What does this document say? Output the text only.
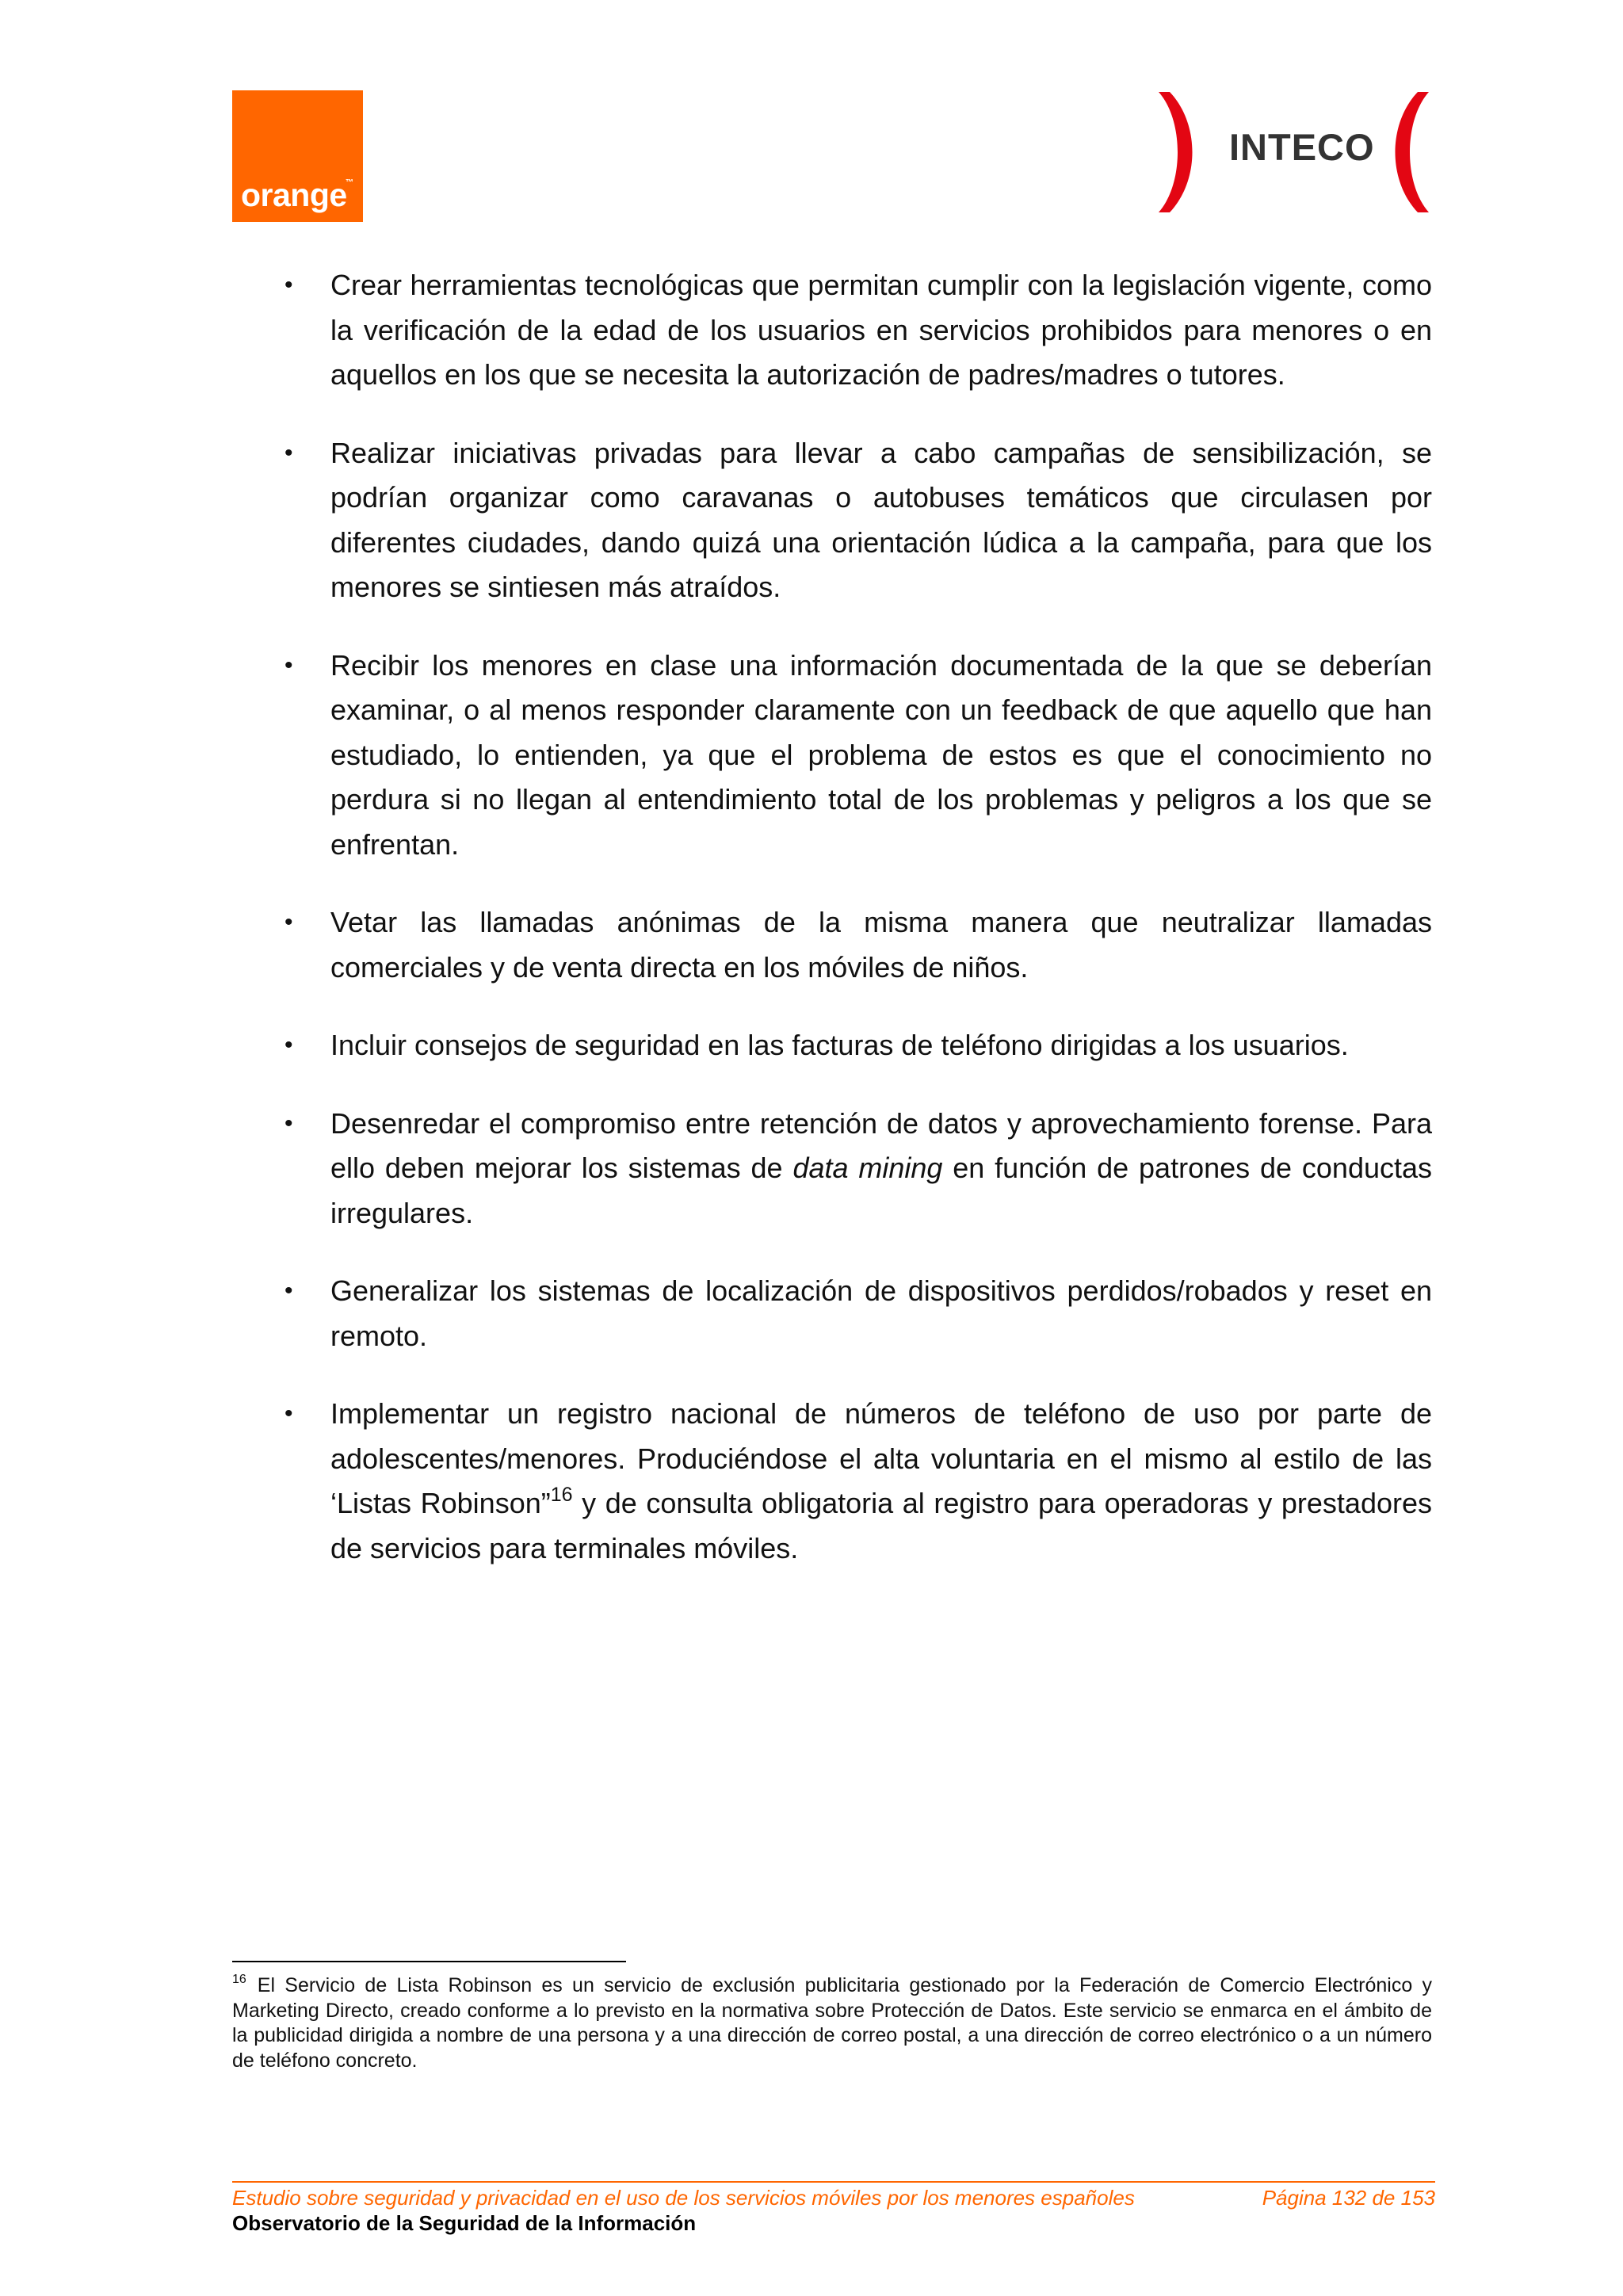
orange
™
INTECO
• Crear herramientas tecnológicas que permitan cumplir con la legislación vigente, como la verificación de la edad de los usuarios en servicios prohibidos para menores o en aquellos en los que se necesita la autorización de padres/madres o tutores.
• Realizar iniciativas privadas para llevar a cabo campañas de sensibilización, se podrían organizar como caravanas o autobuses temáticos que circulasen por diferentes ciudades, dando quizá una orientación lúdica a la campaña, para que los menores se sintiesen más atraídos.
• Recibir los menores en clase una información documentada de la que se deberían examinar, o al menos responder claramente con un feedback de que aquello que han estudiado, lo entienden, ya que el problema de estos es que el conocimiento no perdura si no llegan al entendimiento total de los problemas y peligros a los que se enfrentan.
• Vetar las llamadas anónimas de la misma manera que neutralizar llamadas comerciales y de venta directa en los móviles de niños.
• Incluir consejos de seguridad en las facturas de teléfono dirigidas a los usuarios.
• Desenredar el compromiso entre retención de datos y aprovechamiento forense. Para ello deben mejorar los sistemas de data mining en función de patrones de conductas irregulares.
• Generalizar los sistemas de localización de dispositivos perdidos/robados y reset en remoto.
• Implementar un registro nacional de números de teléfono de uso por parte de adolescentes/menores. Produciéndose el alta voluntaria en el mismo al estilo de las ‘Listas Robinson”$^{16}$ y de consulta obligatoria al registro para operadoras y prestadores de servicios para terminales móviles.

$^{16}$ El Servicio de Lista Robinson es un servicio de exclusión publicitaria gestionado por la Federación de Comercio Electrónico y Marketing Directo, creado conforme a lo previsto en la normativa sobre Protección de Datos. Este servicio se enmarca en el ámbito de la publicidad dirigida a nombre de una persona y a una dirección de correo postal, a una dirección de correo electrónico o a un número de teléfono concreto.

Estudio sobre seguridad y privacidad en el uso de los servicios móviles por los menores españoles	Página 132 de 153
Observatorio de la Seguridad de la Información
